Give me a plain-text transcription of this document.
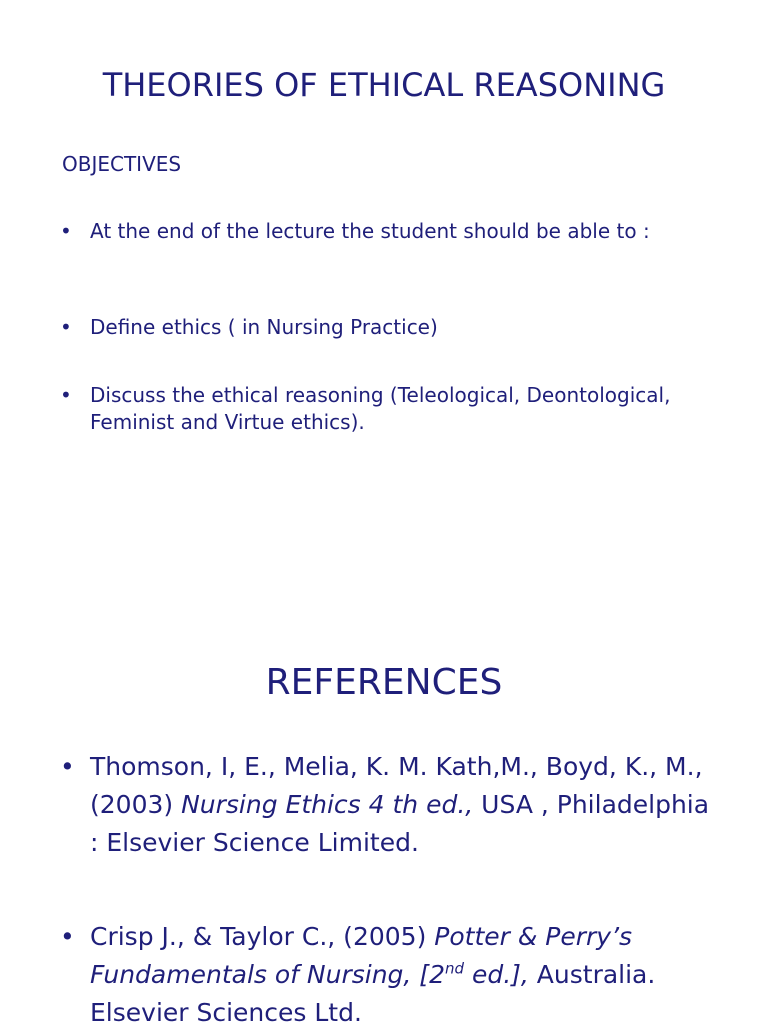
THEORIES OF ETHICAL REASONING
OBJECTIVES
• At the end of the lecture the student should be able to :
• Define ethics ( in Nursing Practice)
• Discuss the ethical reasoning (Teleological, Deontological, Feminist and Virtue ethics).
REFERENCES
• Thomson, I, E., Melia, K. M. Kath,M., Boyd, K., M., (2003) Nursing Ethics 4 th ed., USA , Philadelphia : Elsevier Science Limited.
• Crisp J., & Taylor C., (2005) Potter & Perry’s Fundamentals of Nursing, [2nd ed.], Australia. Elsevier Sciences Ltd.
